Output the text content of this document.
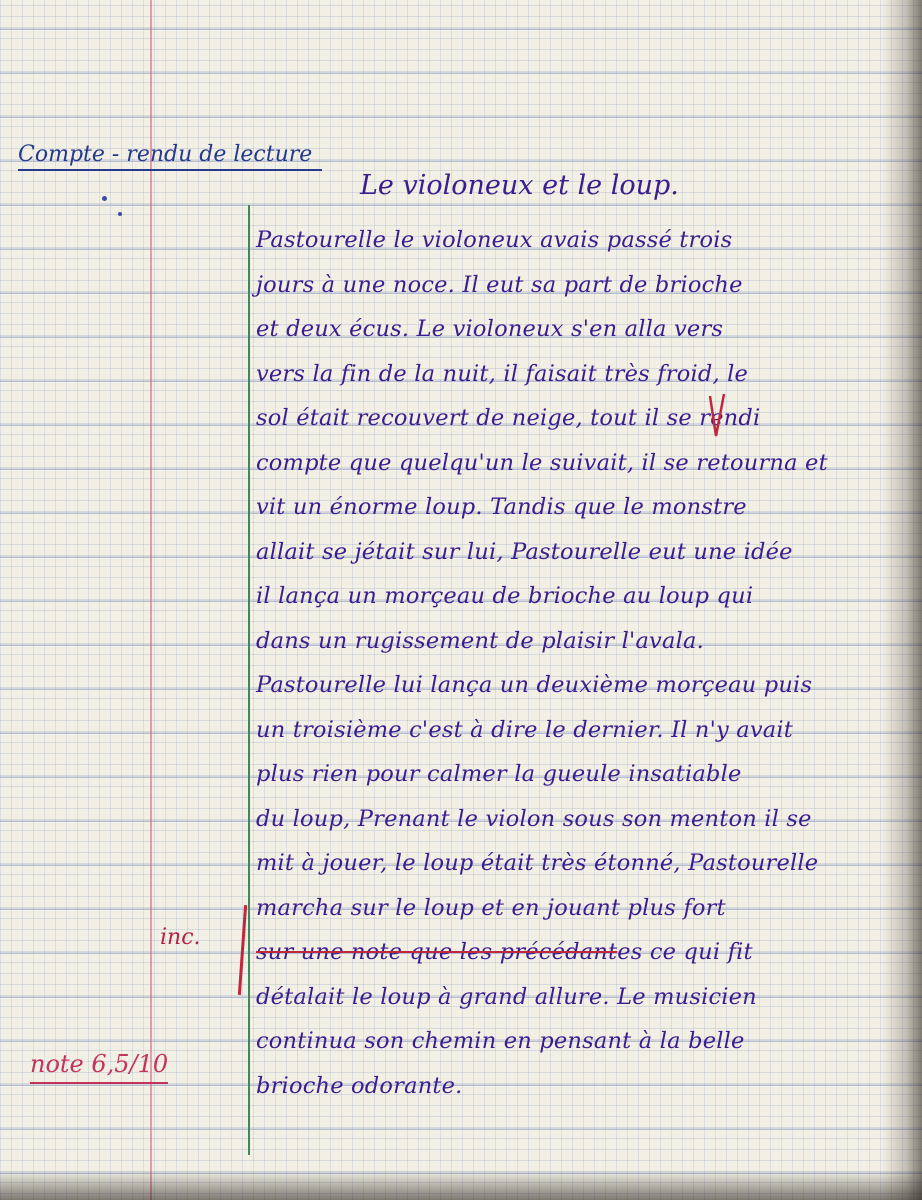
Compte - rendu de lecture
Le violoneux et le loup.
Pastourelle le violoneux avais passé trois
jours à une noce. Il eut sa part de brioche
et deux écus. Le violoneux s'en alla vers
vers la fin de la nuit, il faisait très froid, le
sol était recouvert de neige, tout il se rendi
compte que quelqu'un le suivait, il se retourna et
vit un énorme loup. Tandis que le monstre
allait se jétait sur lui, Pastourelle eut une idée
il lança un morçeau de brioche au loup qui
dans un rugissement de plaisir l'avala.
Pastourelle lui lança un deuxième morçeau puis
un troisième c'est à dire le dernier. Il n'y avait
plus rien pour calmer la gueule insatiable
du loup, Prenant le violon sous son menton il se
mit à jouer, le loup était très étonné, Pastourelle
marcha sur le loup et en jouant plus fort
sur une note que les précédantes ce qui fit
détalait le loup à grand allure. Le musicien
continua son chemin en pensant à la belle
brioche odorante.
inc.
note 6,5/10
